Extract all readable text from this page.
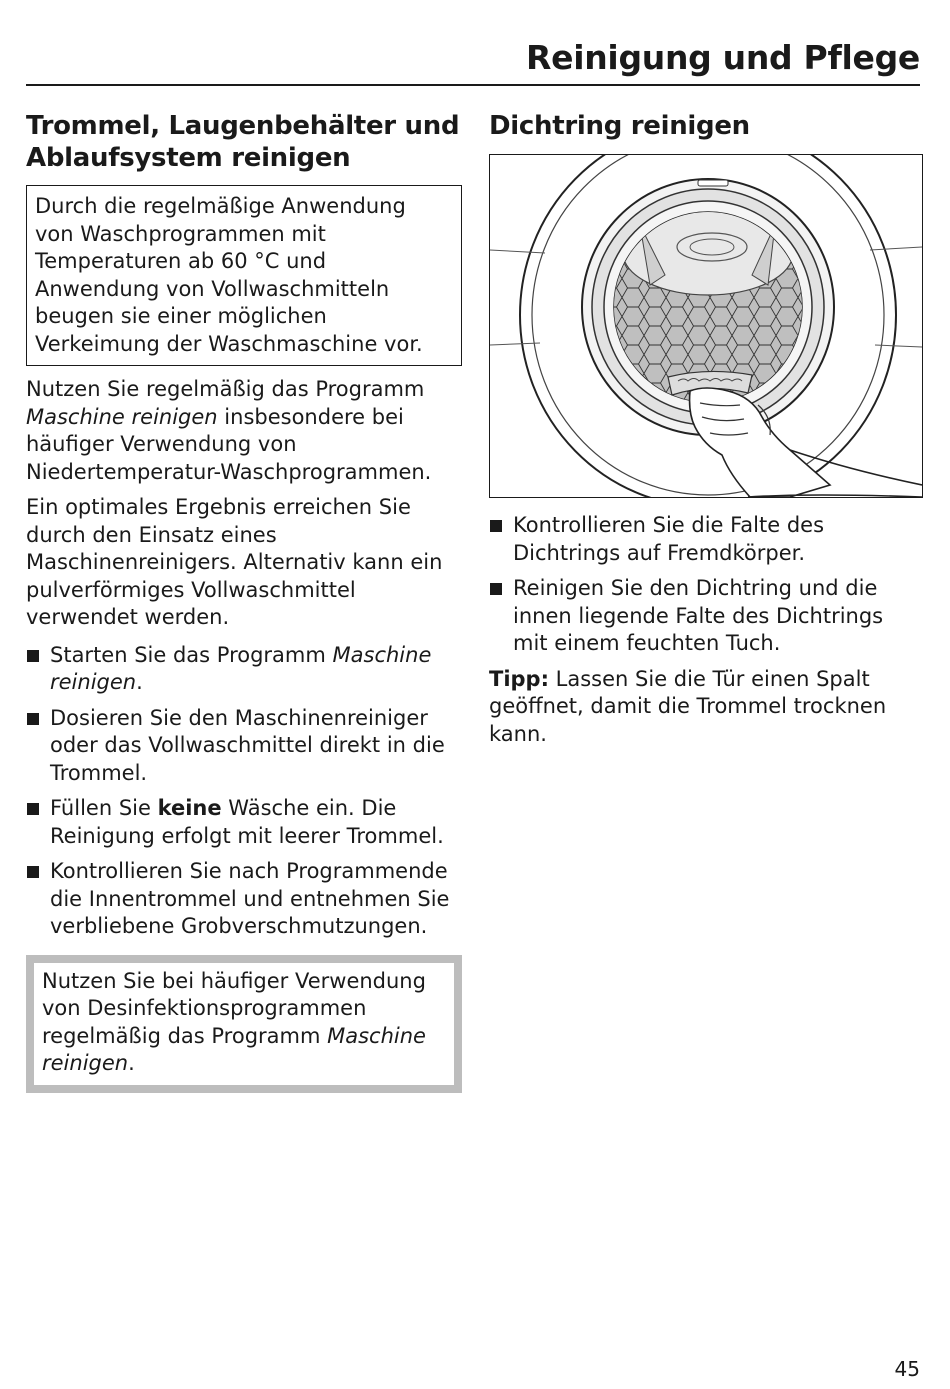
Reinigung und Pflege
Trommel, Laugenbehälter und
Ablaufsystem reinigen

Durch die regelmäßige Anwendung von Waschprogrammen mit Temperaturen ab 60 °C und Anwendung von Vollwaschmitteln beugen sie einer möglichen Verkeimung der Waschmaschine vor.

Nutzen Sie regelmäßig das Programm Maschine reinigen insbesondere bei häufiger Verwendung von Niedertemperatur-Waschprogrammen.

Ein optimales Ergebnis erreichen Sie durch den Einsatz eines Maschinenreinigers. Alternativ kann ein pulverförmiges Vollwaschmittel verwendet werden.

Starten Sie das Programm Maschine reinigen.
Dosieren Sie den Maschinenreiniger oder das Vollwaschmittel direkt in die Trommel.
Füllen Sie keine Wäsche ein. Die Reinigung erfolgt mit leerer Trommel.
Kontrollieren Sie nach Programmende die Innentrommel und entnehmen Sie verbliebene Grobverschmutzungen.

Nutzen Sie bei häufiger Verwendung von Desinfektionsprogrammen regelmäßig das Programm Maschine reinigen.

Dichtring reinigen
Kontrollieren Sie die Falte des Dichtrings auf Fremdkörper.
Reinigen Sie den Dichtring und die innen liegende Falte des Dichtrings mit einem feuchten Tuch.

Tipp: Lassen Sie die Tür einen Spalt geöffnet, damit die Trommel trocknen kann.

45
